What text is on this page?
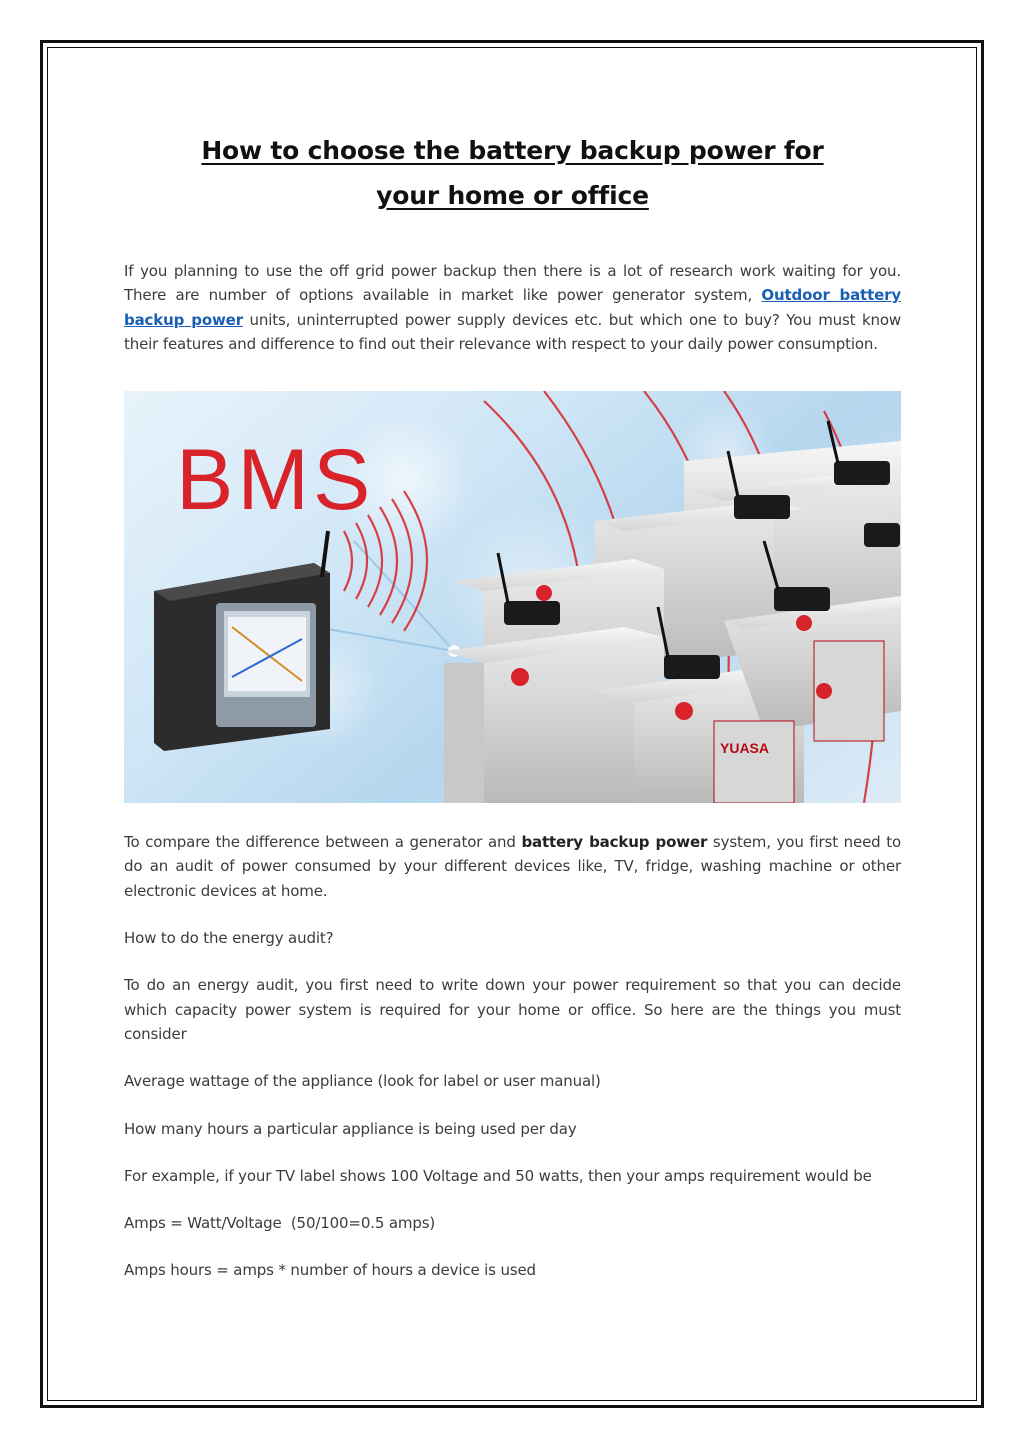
How to choose the battery backup power for your home or office

If you planning to use the off grid power backup then there is a lot of research work waiting for you. There are number of options available in market like power generator system, Outdoor battery backup power units, uninterrupted power supply devices etc. but which one to buy? You must know their features and difference to find out their relevance with respect to your daily power consumption.

BMS
YUASA

To compare the difference between a generator and battery backup power system, you first need to do an audit of power consumed by your different devices like, TV, fridge, washing machine or other electronic devices at home.

How to do the energy audit?

To do an energy audit, you first need to write down your power requirement so that you can decide which capacity power system is required for your home or office. So here are the things you must consider

Average wattage of the appliance (look for label or user manual)

How many hours a particular appliance is being used per day

For example, if your TV label shows 100 Voltage and 50 watts, then your amps requirement would be

Amps = Watt/Voltage  (50/100=0.5 amps)

Amps hours = amps * number of hours a device is used
